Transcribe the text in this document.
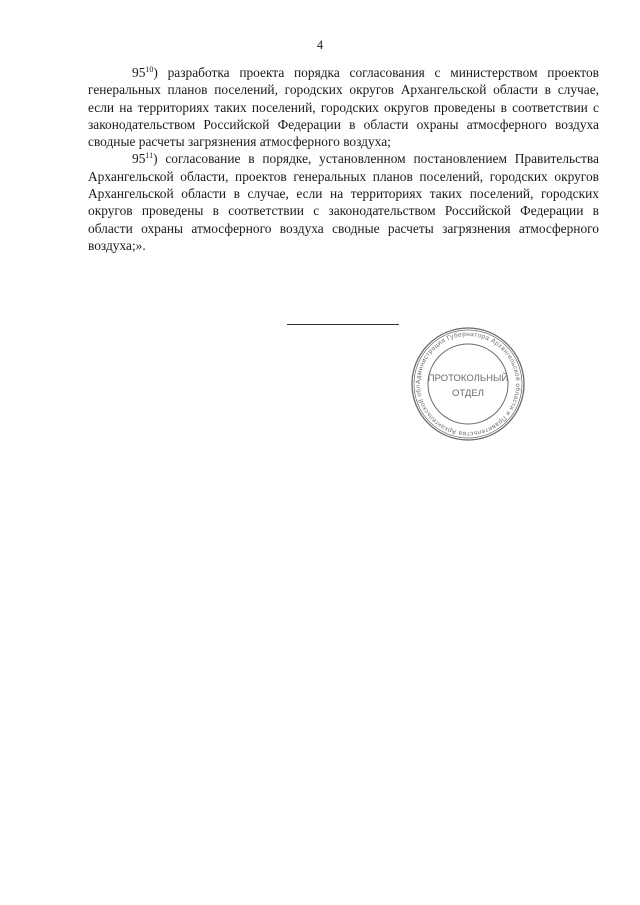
4

$95^{10}$) разработка проекта порядка согласования с министерством проектов генеральных планов поселений, городских округов Архангельской области в случае, если на территориях таких поселений, городских округов проведены в соответствии с законодательством Российской Федерации в области охраны атмосферного воздуха сводные расчеты загрязнения атмосферного воздуха;

$95^{11}$) согласование в порядке, установленном постановлением Правительства Архангельской области, проектов генеральных планов поселений, городских округов Архангельской области в случае, если на территориях таких поселений, городских округов проведены в соответствии с законодательством Российской Федерации в области охраны атмосферного воздуха сводные расчеты загрязнения атмосферного воздуха;».

Администрация Губернатора Архангельской области и Правительства Архангельской обл
ПРОТОКОЛЬНЫЙ
ОТДЕЛ
